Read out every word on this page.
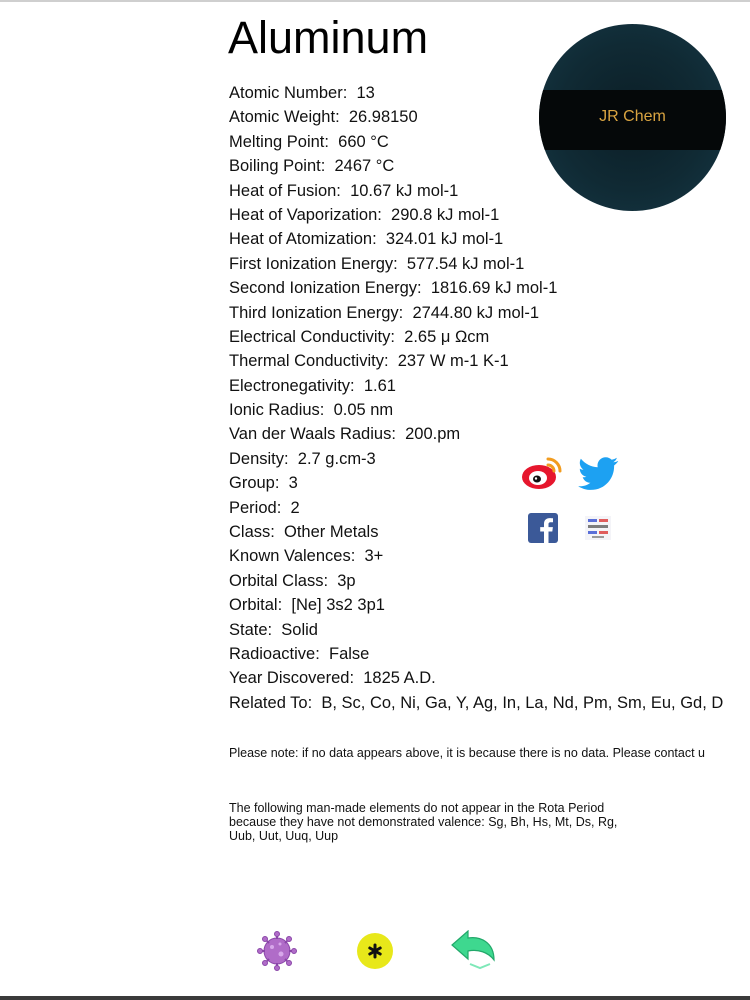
Aluminum
Atomic Number: 13
Atomic Weight: 26.98150
Melting Point: 660 °C
Boiling Point: 2467 °C
Heat of Fusion: 10.67 kJ mol-1
Heat of Vaporization: 290.8 kJ mol-1
Heat of Atomization: 324.01 kJ mol-1
First Ionization Energy: 577.54 kJ mol-1
Second Ionization Energy: 1816.69 kJ mol-1
Third Ionization Energy: 2744.80 kJ mol-1
Electrical Conductivity: 2.65 μ Ωcm
Thermal Conductivity: 237 W m-1 K-1
Electronegativity: 1.61
Ionic Radius: 0.05 nm
Van der Waals Radius: 200.pm
Density: 2.7 g.cm-3
Group: 3
Period: 2
Class: Other Metals
Known Valences: 3+
Orbital Class: 3p
Orbital: [Ne] 3s2 3p1
State: Solid
Radioactive: False
Year Discovered: 1825 A.D.
Related To: B, Sc, Co, Ni, Ga, Y, Ag, In, La, Nd, Pm, Sm, Eu, Gd, D
Please note: if no data appears above, it is because there is no data. Please contact u
The following man-made elements do not appear in the Rota Period because they have not demonstrated valence: Sg, Bh, Hs, Mt, Ds, Rg, Uub, Uut, Uuq, Uup
JR Chem
